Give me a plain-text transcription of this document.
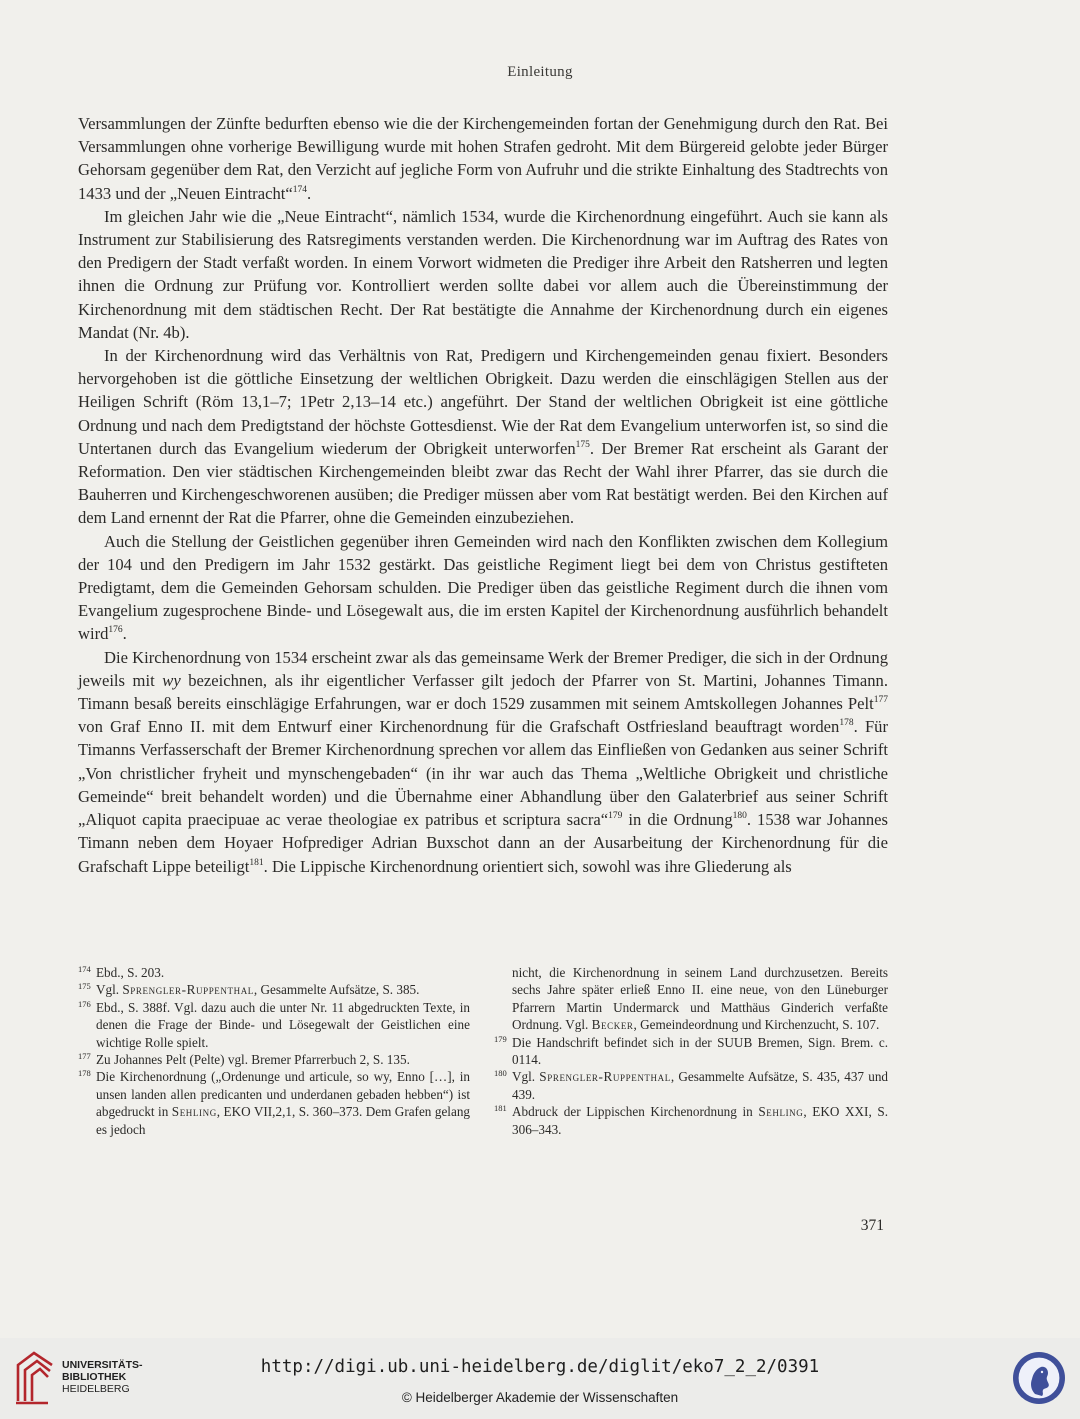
Einleitung

Versammlungen der Zünfte bedurften ebenso wie die der Kirchengemeinden fortan der Genehmigung durch den Rat. Bei Versammlungen ohne vorherige Bewilligung wurde mit hohen Strafen gedroht. Mit dem Bürgereid gelobte jeder Bürger Gehorsam gegenüber dem Rat, den Verzicht auf jegliche Form von Aufruhr und die strikte Einhaltung des Stadtrechts von 1433 und der „Neuen Eintracht“$^{174}$.

Im gleichen Jahr wie die „Neue Eintracht“, nämlich 1534, wurde die Kirchenordnung eingeführt. Auch sie kann als Instrument zur Stabilisierung des Ratsregiments verstanden werden. Die Kirchenordnung war im Auftrag des Rates von den Predigern der Stadt verfaßt worden. In einem Vorwort widmeten die Prediger ihre Arbeit den Ratsherren und legten ihnen die Ordnung zur Prüfung vor. Kontrolliert werden sollte dabei vor allem auch die Übereinstimmung der Kirchenordnung mit dem städtischen Recht. Der Rat bestätigte die Annahme der Kirchenordnung durch ein eigenes Mandat (Nr. 4b).

In der Kirchenordnung wird das Verhältnis von Rat, Predigern und Kirchengemeinden genau fixiert. Besonders hervorgehoben ist die göttliche Einsetzung der weltlichen Obrigkeit. Dazu werden die einschlägigen Stellen aus der Heiligen Schrift (Röm 13,1–7; 1Petr 2,13–14 etc.) angeführt. Der Stand der weltlichen Obrigkeit ist eine göttliche Ordnung und nach dem Predigtstand der höchste Gottesdienst. Wie der Rat dem Evangelium unterworfen ist, so sind die Untertanen durch das Evangelium wiederum der Obrigkeit unterworfen$^{175}$. Der Bremer Rat erscheint als Garant der Reformation. Den vier städtischen Kirchengemeinden bleibt zwar das Recht der Wahl ihrer Pfarrer, das sie durch die Bauherren und Kirchengeschworenen ausüben; die Prediger müssen aber vom Rat bestätigt werden. Bei den Kirchen auf dem Land ernennt der Rat die Pfarrer, ohne die Gemeinden einzubeziehen.

Auch die Stellung der Geistlichen gegenüber ihren Gemeinden wird nach den Konflikten zwischen dem Kollegium der 104 und den Predigern im Jahr 1532 gestärkt. Das geistliche Regiment liegt bei dem von Christus gestifteten Predigtamt, dem die Gemeinden Gehorsam schulden. Die Prediger üben das geistliche Regiment durch die ihnen vom Evangelium zugesprochene Binde- und Lösegewalt aus, die im ersten Kapitel der Kirchenordnung ausführlich behandelt wird$^{176}$.

Die Kirchenordnung von 1534 erscheint zwar als das gemeinsame Werk der Bremer Prediger, die sich in der Ordnung jeweils mit wy bezeichnen, als ihr eigentlicher Verfasser gilt jedoch der Pfarrer von St. Martini, Johannes Timann. Timann besaß bereits einschlägige Erfahrungen, war er doch 1529 zusammen mit seinem Amtskollegen Johannes Pelt$^{177}$ von Graf Enno II. mit dem Entwurf einer Kirchenordnung für die Grafschaft Ostfriesland beauftragt worden$^{178}$. Für Timanns Verfasserschaft der Bremer Kirchenordnung sprechen vor allem das Einfließen von Gedanken aus seiner Schrift „Von christlicher fryheit und mynschengebaden“ (in ihr war auch das Thema „Weltliche Obrigkeit und christliche Gemeinde“ breit behandelt worden) und die Übernahme einer Abhandlung über den Galaterbrief aus seiner Schrift „Aliquot capita praecipuae ac verae theologiae ex patribus et scriptura sacra“$^{179}$ in die Ordnung$^{180}$. 1538 war Johannes Timann neben dem Hoyaer Hofprediger Adrian Buxschot dann an der Ausarbeitung der Kirchenordnung für die Grafschaft Lippe beteiligt$^{181}$. Die Lippische Kirchenordnung orientiert sich, sowohl was ihre Gliederung als

174 Ebd., S. 203.
175 Vgl. Sprengler-Ruppenthal, Gesammelte Aufsätze, S. 385.
176 Ebd., S. 388f. Vgl. dazu auch die unter Nr. 11 abgedruckten Texte, in denen die Frage der Binde- und Lösegewalt der Geistlichen eine wichtige Rolle spielt.
177 Zu Johannes Pelt (Pelte) vgl. Bremer Pfarrerbuch 2, S. 135.
178 Die Kirchenordnung („Ordenunge und articule, so wy, Enno […], in unsen landen allen predicanten und underdanen gebaden hebben“) ist abgedruckt in Sehling, EKO VII,2,1, S. 360–373. Dem Grafen gelang es jedoch
nicht, die Kirchenordnung in seinem Land durchzusetzen. Bereits sechs Jahre später erließ Enno II. eine neue, von den Lüneburger Pfarrern Martin Undermarck und Matthäus Ginderich verfaßte Ordnung. Vgl. Becker, Gemeindeordnung und Kirchenzucht, S. 107.
179 Die Handschrift befindet sich in der SUUB Bremen, Sign. Brem. c. 0114.
180 Vgl. Sprengler-Ruppenthal, Gesammelte Aufsätze, S. 435, 437 und 439.
181 Abdruck der Lippischen Kirchenordnung in Sehling, EKO XXI, S. 306–343.
371
UNIVERSITÄTS-
BIBLIOTHEK
HEIDELBERG
http://digi.ub.uni-heidelberg.de/diglit/eko7_2_2/0391
© Heidelberger Akademie der Wissenschaften
